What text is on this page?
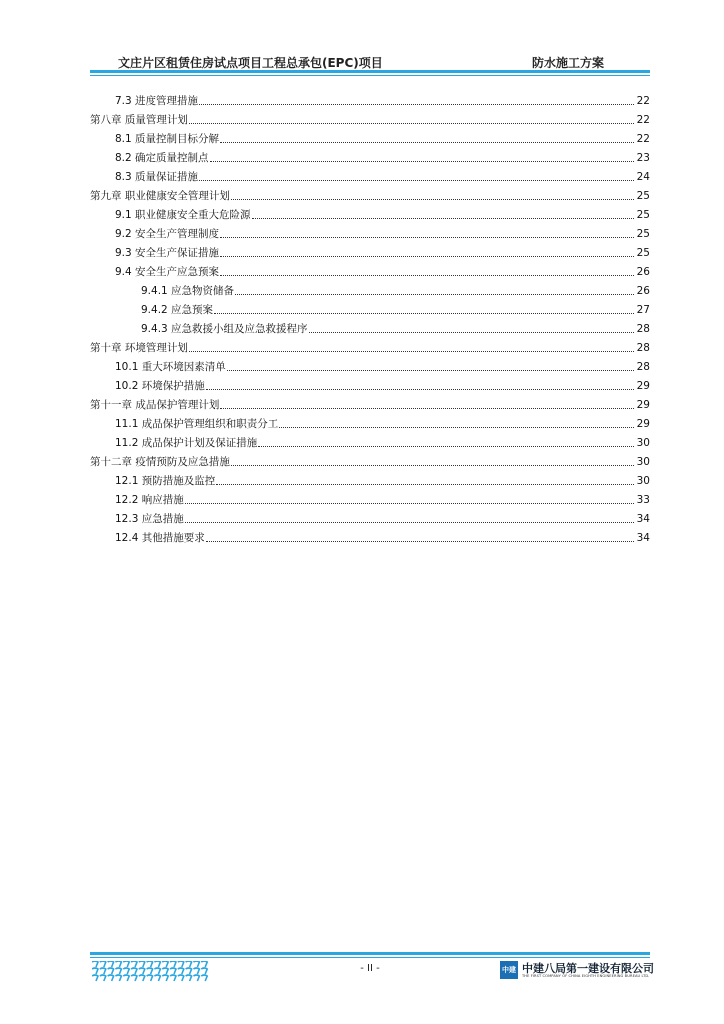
文庄片区租赁住房试点项目工程总承包(EPC)项目	防水施工方案
7.3 进度管理措施	22
第八章 质量管理计划	22
8.1 质量控制目标分解	22
8.2 确定质量控制点	23
8.3 质量保证措施	24
第九章 职业健康安全管理计划	25
9.1 职业健康安全重大危险源	25
9.2 安全生产管理制度	25
9.3 安全生产保证措施	25
9.4 安全生产应急预案	26
9.4.1 应急物资储备	26
9.4.2 应急预案	27
9.4.3 应急救援小组及应急救援程序	28
第十章 环境管理计划	28
10.1 重大环境因素清单	28
10.2 环境保护措施	29
第十一章 成品保护管理计划	29
11.1 成品保护管理组织和职责分工	29
11.2 成品保护计划及保证措施	30
第十二章 疫情预防及应急措施	30
12.1 预防措施及监控	30
12.2 响应措施	33
12.3 应急措施	34
12.4 其他措施要求	34
- II -	中建 中建八局第一建设有限公司
THE FIRST COMPANY OF CHINA EIGHTH ENGINEERING BUREAU LTD.
